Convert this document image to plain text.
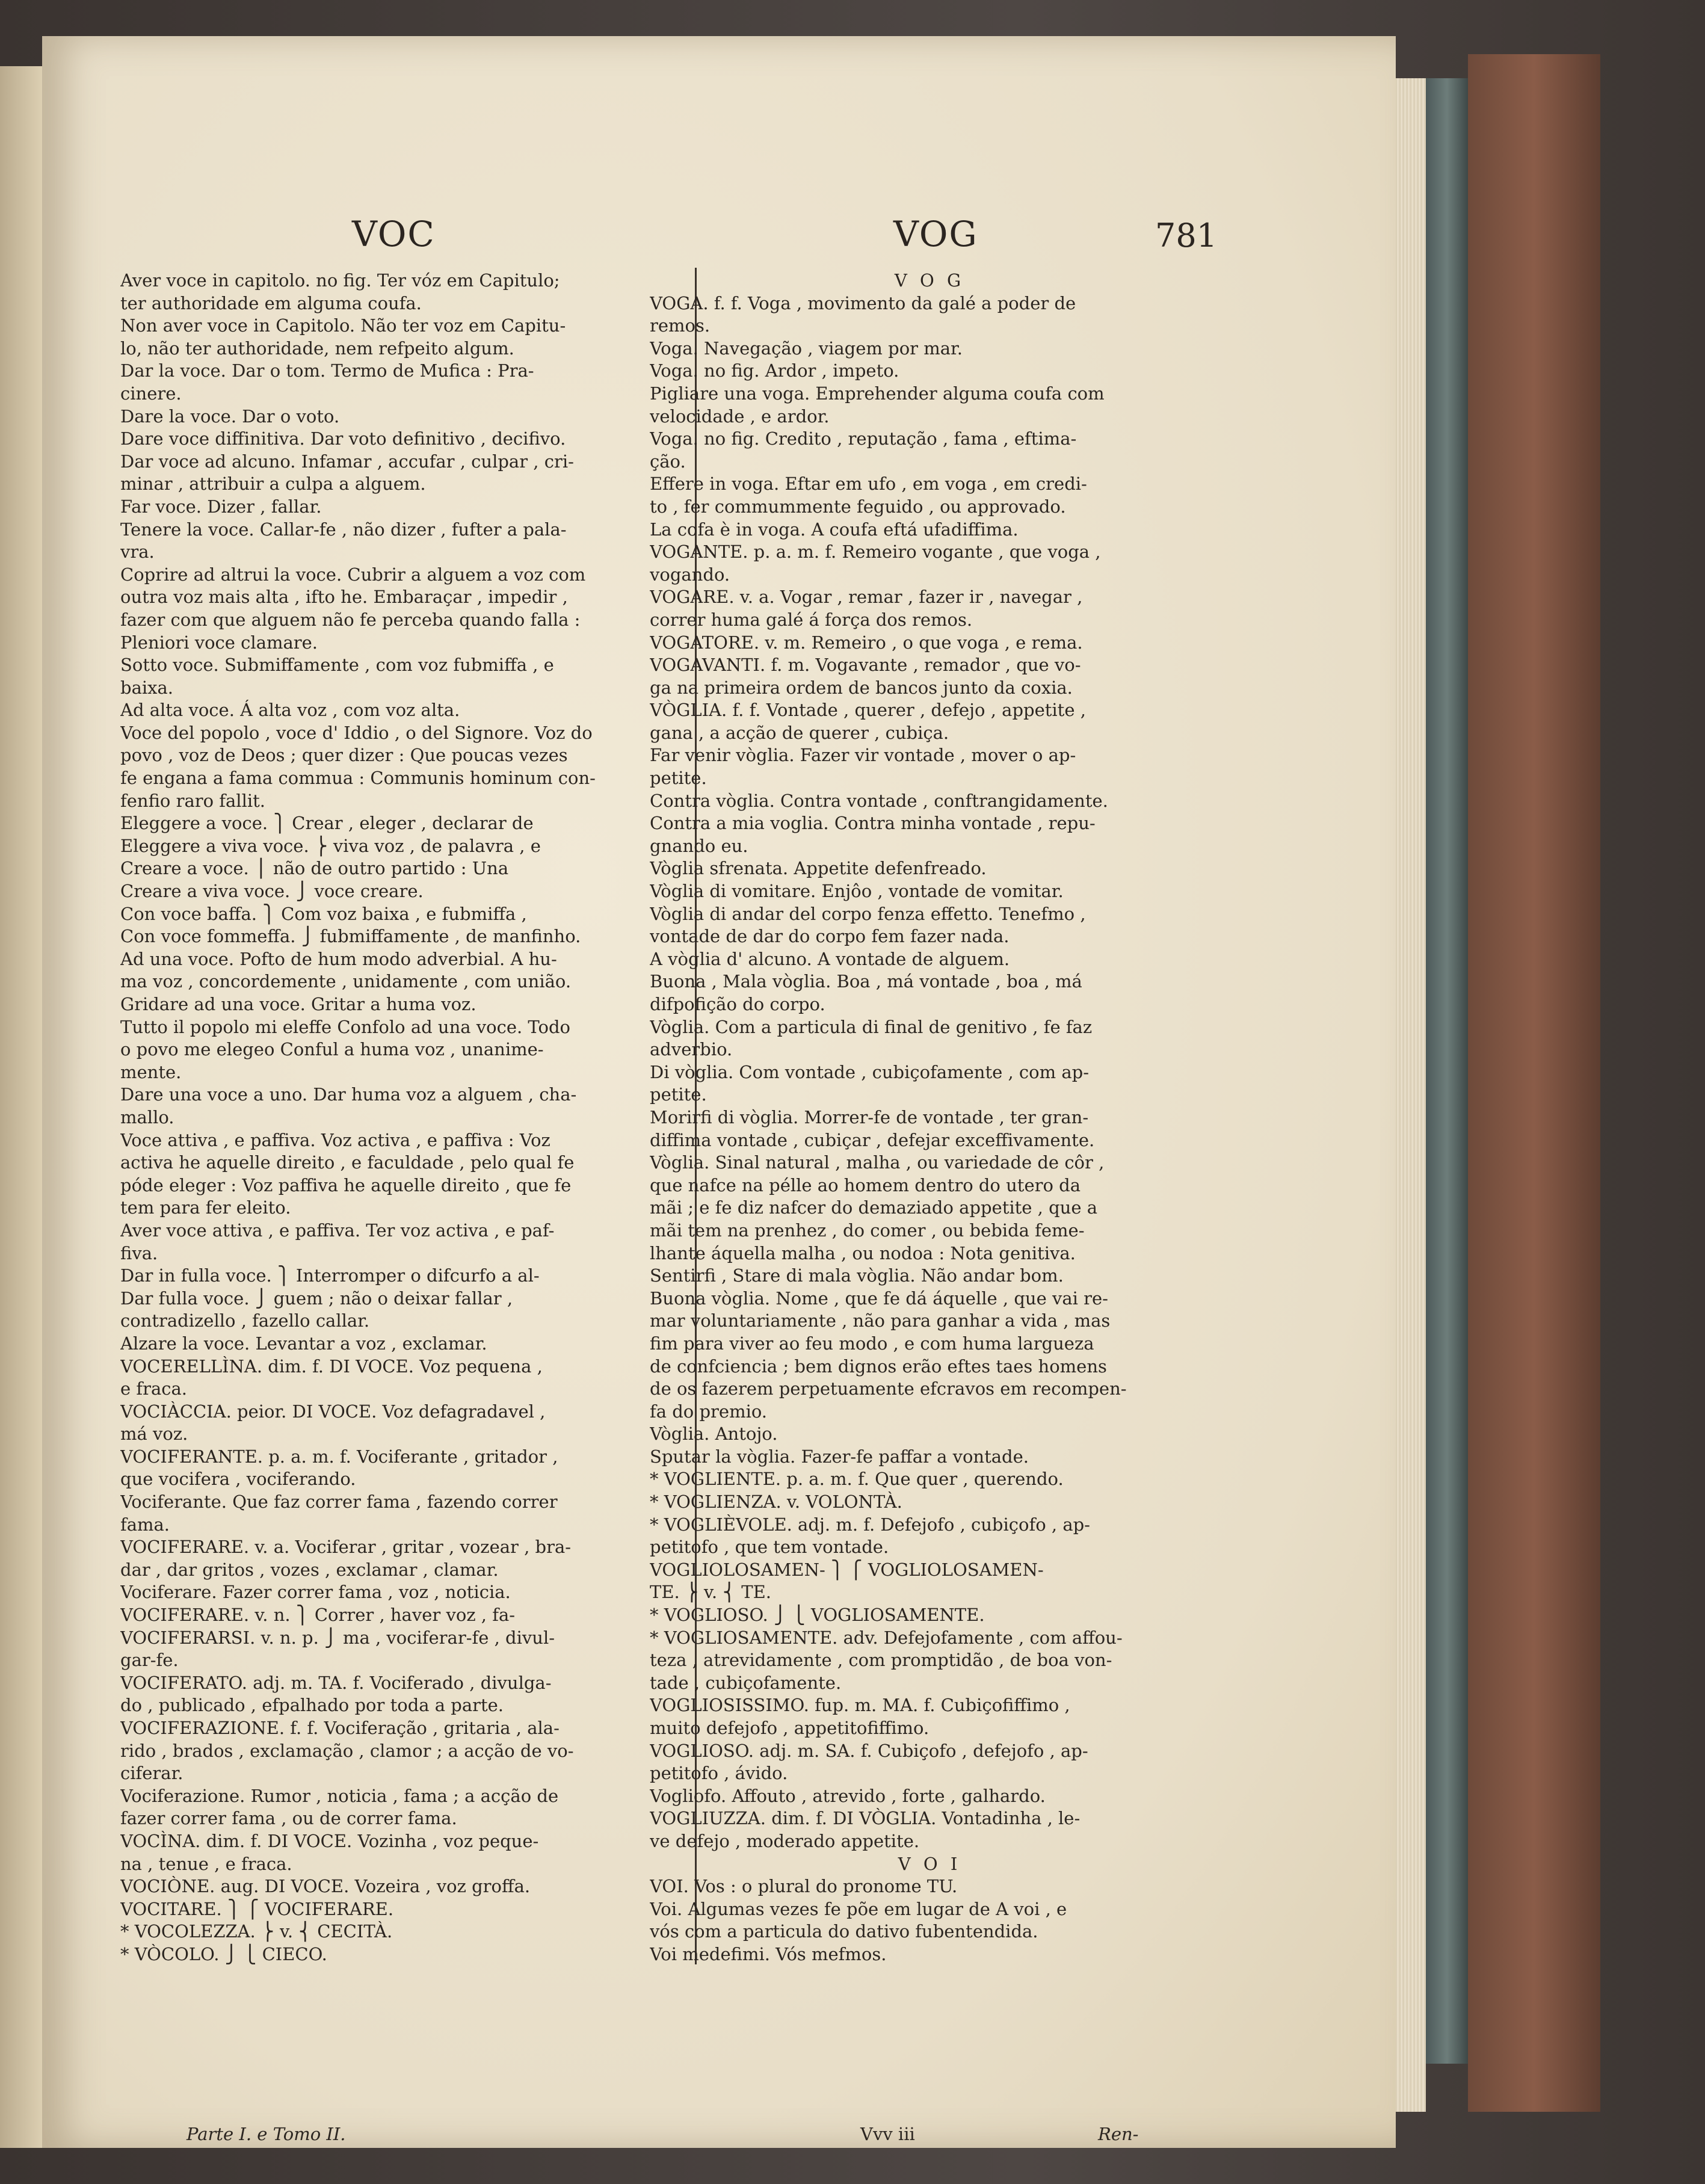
VOC	VOG	781

Aver voce in capitolo. no fig. Ter vóz em Capitulo;

ter authoridade em alguma coufa.

Non aver voce in Capitolo. Não ter voz em Capitu-

lo, não ter authoridade, nem refpeito algum.

Dar la voce. Dar o tom. Termo de Mufica : Pra-

cinere.

Dare la voce. Dar o voto.

Dare voce diffinitiva. Dar voto definitivo , decifivo.

Dar voce ad alcuno. Infamar , accufar , culpar , cri-

minar , attribuir a culpa a alguem.

Far voce. Dizer , fallar.

Tenere la voce. Callar-fe , não dizer , fufter a pala-

vra.

Coprire ad altrui la voce. Cubrir a alguem a voz com

outra voz mais alta , ifto he. Embaraçar , impedir ,

fazer com que alguem não fe perceba quando falla :

Pleniori voce clamare.

Sotto voce. Submiffamente , com voz fubmiffa , e

baixa.

Ad alta voce. Á alta voz , com voz alta.

Voce del popolo , voce d' Iddio , o del Signore. Voz do

povo , voz de Deos ; quer dizer : Que poucas vezes

fe engana a fama commua : Communis hominum con-

fenfio raro fallit.

Eleggere a voce. ⎫ Crear , eleger , declarar de

Eleggere a viva voce. ⎬ viva voz , de palavra , e

Creare a voce. ⎪ não de outro partido : Una

Creare a viva voce. ⎭ voce creare.

Con voce baffa. ⎫ Com voz baixa , e fubmiffa ,

Con voce fommeffa. ⎭ fubmiffamente , de manfinho.

Ad una voce. Pofto de hum modo adverbial. A hu-

ma voz , concordemente , unidamente , com união.

Gridare ad una voce. Gritar a huma voz.

Tutto il popolo mi eleffe Confolo ad una voce. Todo

o povo me elegeo Conful a huma voz , unanime-

mente.

Dare una voce a uno. Dar huma voz a alguem , cha-

mallo.

Voce attiva , e paffiva. Voz activa , e paffiva : Voz

activa he aquelle direito , e faculdade , pelo qual fe

póde eleger : Voz paffiva he aquelle direito , que fe

tem para fer eleito.

Aver voce attiva , e paffiva. Ter voz activa , e paf-

fiva.

Dar in fulla voce. ⎫ Interromper o difcurfo a al-

Dar fulla voce. ⎭ guem ; não o deixar fallar ,

contradizello , fazello callar.

Alzare la voce. Levantar a voz , exclamar.

VOCERELLÌNA. dim. f. DI VOCE. Voz pequena ,

e fraca.

VOCIÀCCIA. peior. DI VOCE. Voz defagradavel ,

má voz.

VOCIFERANTE. p. a. m. f. Vociferante , gritador ,

que vocifera , vociferando.

Vociferante. Que faz correr fama , fazendo correr

fama.

VOCIFERARE. v. a. Vociferar , gritar , vozear , bra-

dar , dar gritos , vozes , exclamar , clamar.

Vociferare. Fazer correr fama , voz , noticia.

VOCIFERARE. v. n. ⎫ Correr , haver voz , fa-

VOCIFERARSI. v. n. p. ⎭ ma , vociferar-fe , divul-

gar-fe.

VOCIFERATO. adj. m. TA. f. Vociferado , divulga-

do , publicado , efpalhado por toda a parte.

VOCIFERAZIONE. f. f. Vociferação , gritaria , ala-

rido , brados , exclamação , clamor ; a acção de vo-

ciferar.

Vociferazione. Rumor , noticia , fama ; a acção de

fazer correr fama , ou de correr fama.

VOCÌNA. dim. f. DI VOCE. Vozinha , voz peque-

na , tenue , e fraca.

VOCIÒNE. aug. DI VOCE. Vozeira , voz groffa.

VOCITARE. ⎫ ⎧ VOCIFERARE.

* VOCOLEZZA. ⎬ v. ⎨ CECITÀ.

* VÒCOLO. ⎭ ⎩ CIECO.

V O G

VOGA. f. f. Voga , movimento da galé a poder de

remos.

Voga. Navegação , viagem por mar.

Voga. no fig. Ardor , impeto.

Pigliare una voga. Emprehender alguma coufa com

velocidade , e ardor.

Voga. no fig. Credito , reputação , fama , eftima-

ção.

Effere in voga. Eftar em ufo , em voga , em credi-

to , fer commummente feguido , ou approvado.

La cofa è in voga. A coufa eftá ufadiffima.

VOGANTE. p. a. m. f. Remeiro vogante , que voga ,

vogando.

VOGARE. v. a. Vogar , remar , fazer ir , navegar ,

correr huma galé á força dos remos.

VOGATORE. v. m. Remeiro , o que voga , e rema.

VOGAVANTI. f. m. Vogavante , remador , que vo-

ga na primeira ordem de bancos junto da coxia.

VÒGLIA. f. f. Vontade , querer , defejo , appetite ,

gana , a acção de querer , cubiça.

Far venir vòglia. Fazer vir vontade , mover o ap-

petite.

Contra vòglia. Contra vontade , conftrangidamente.

Contra a mia voglia. Contra minha vontade , repu-

gnando eu.

Vòglia sfrenata. Appetite defenfreado.

Vòglia di vomitare. Enjôo , vontade de vomitar.

Vòglia di andar del corpo fenza effetto. Tenefmo ,

vontade de dar do corpo fem fazer nada.

A vòglia d' alcuno. A vontade de alguem.

Buona , Mala vòglia. Boa , má vontade , boa , má

difpofição do corpo.

Vòglia. Com a particula di final de genitivo , fe faz

adverbio.

Di vòglia. Com vontade , cubiçofamente , com ap-

petite.

Morirfi di vòglia. Morrer-fe de vontade , ter gran-

diffima vontade , cubiçar , defejar exceffivamente.

Vòglia. Sinal natural , malha , ou variedade de côr ,

que nafce na pélle ao homem dentro do utero da

mãi ; e fe diz nafcer do demaziado appetite , que a

mãi tem na prenhez , do comer , ou bebida feme-

lhante áquella malha , ou nodoa : Nota genitiva.

Sentirfi , Stare di mala vòglia. Não andar bom.

Buona vòglia. Nome , que fe dá áquelle , que vai re-

mar voluntariamente , não para ganhar a vida , mas

fim para viver ao feu modo , e com huma largueza

de confciencia ; bem dignos erão eftes taes homens

de os fazerem perpetuamente efcravos em recompen-

fa do premio.

Vòglia. Antojo.

Sputar la vòglia. Fazer-fe paffar a vontade.

* VOGLIENTE. p. a. m. f. Que quer , querendo.

* VOGLIENZA. v. VOLONTÀ.

* VOGLIÈVOLE. adj. m. f. Defejofo , cubiçofo , ap-

petitofo , que tem vontade.

VOGLIOLOSAMEN- ⎫ ⎧ VOGLIOLOSAMEN-

TE. ⎬ v. ⎨ TE.

* VOGLIOSO. ⎭ ⎩ VOGLIOSAMENTE.

* VOGLIOSAMENTE. adv. Defejofamente , com affou-

teza , atrevidamente , com promptidão , de boa von-

tade , cubiçofamente.

VOGLIOSISSIMO. fup. m. MA. f. Cubiçofiffimo ,

muito defejofo , appetitofiffimo.

VOGLIOSO. adj. m. SA. f. Cubiçofo , defejofo , ap-

petitofo , ávido.

Vogliofo. Affouto , atrevido , forte , galhardo.

VOGLIUZZA. dim. f. DI VÒGLIA. Vontadinha , le-

ve defejo , moderado appetite.

V O I

VOI. Vos : o plural do pronome TU.

Voi. Algumas vezes fe põe em lugar de A voi , e

vós com a particula do dativo fubentendida.

Voi medefimi. Vós mefmos.

Parte I. e Tomo II.	Vvv iii	Ren-
